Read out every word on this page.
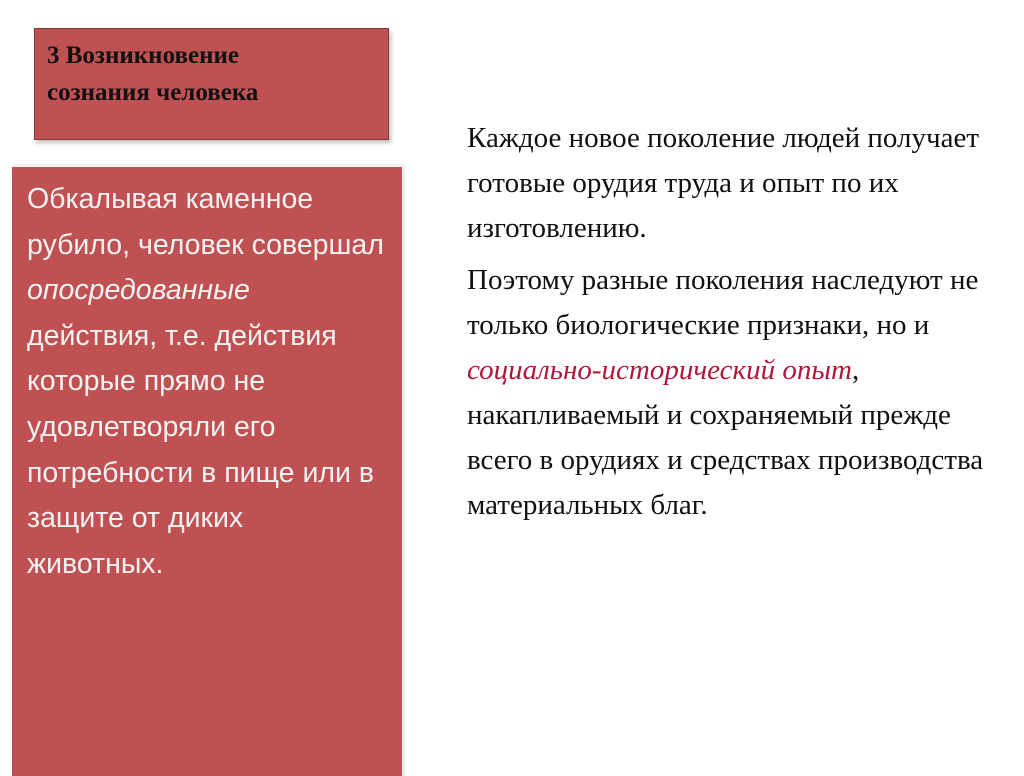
3 Возникновение
сознания человека
Обкалывая каменное рубило, человек совершал опосредованные действия, т.е. действия которые прямо не удовлетворяли его потребности в пище или в защите от диких животных.

Каждое новое поколение людей получает готовые орудия труда и опыт по их изготовлению.

Поэтому разные поколения наследуют не только биологические признаки, но и социально-исторический опыт, накапливаемый и сохраняемый прежде всего в орудиях и средствах производства материальных благ.
